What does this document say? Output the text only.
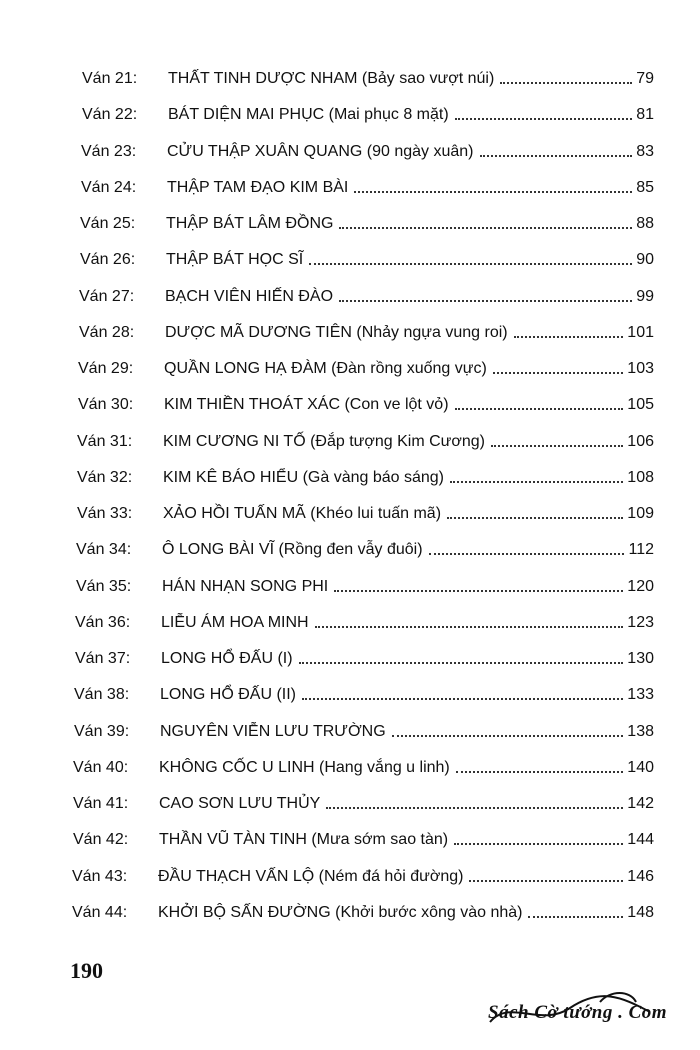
Ván 21:	THẤT TINH DƯỢC NHAM (Bảy sao vượt núi)	79
Ván 22:	BÁT DIỆN MAI PHỤC (Mai phục 8 mặt)	81
Ván 23:	CỬU THẬP XUÂN QUANG (90 ngày xuân)	83
Ván 24:	THẬP TAM ĐẠO KIM BÀI	85
Ván 25:	THẬP BÁT LÂM ĐỒNG	88
Ván 26:	THẬP BÁT HỌC SĨ	90
Ván 27:	BẠCH VIÊN HIẾN ĐÀO	99
Ván 28:	DƯỢC MÃ DƯƠNG TIÊN (Nhảy ngựa vung roi)	101
Ván 29:	QUẦN LONG HẠ ĐÀM (Đàn rồng xuống vực)	103
Ván 30:	KIM THIỀN THOÁT XÁC (Con ve lột vỏ)	105
Ván 31:	KIM CƯƠNG NI TỐ (Đắp tượng Kim Cương)	106
Ván 32:	KIM KÊ BÁO HIỂU (Gà vàng báo sáng)	108
Ván 33:	XẢO HỒI TUẤN MÃ (Khéo lui tuấn mã)	109
Ván 34:	Ô LONG BÀI VĨ (Rồng đen vẫy đuôi)	112
Ván 35:	HÁN NHẠN SONG PHI	120
Ván 36:	LIỄU ÁM HOA MINH	123
Ván 37:	LONG HỔ ĐẤU (I)	130
Ván 38:	LONG HỔ ĐẤU (II)	133
Ván 39:	NGUYÊN VIỄN LƯU TRƯỜNG	138
Ván 40:	KHÔNG CỐC U LINH (Hang vắng u linh)	140
Ván 41:	CAO SƠN LƯU THỦY	142
Ván 42:	THẦN VŨ TÀN TINH (Mưa sớm sao tàn)	144
Ván 43:	ĐẦU THẠCH VẤN LỘ (Ném đá hỏi đường)	146
Ván 44:	KHỞI BỘ SẤN ĐƯỜNG (Khởi bước xông vào nhà)	148
190
Sách Cờ tướng . Com
